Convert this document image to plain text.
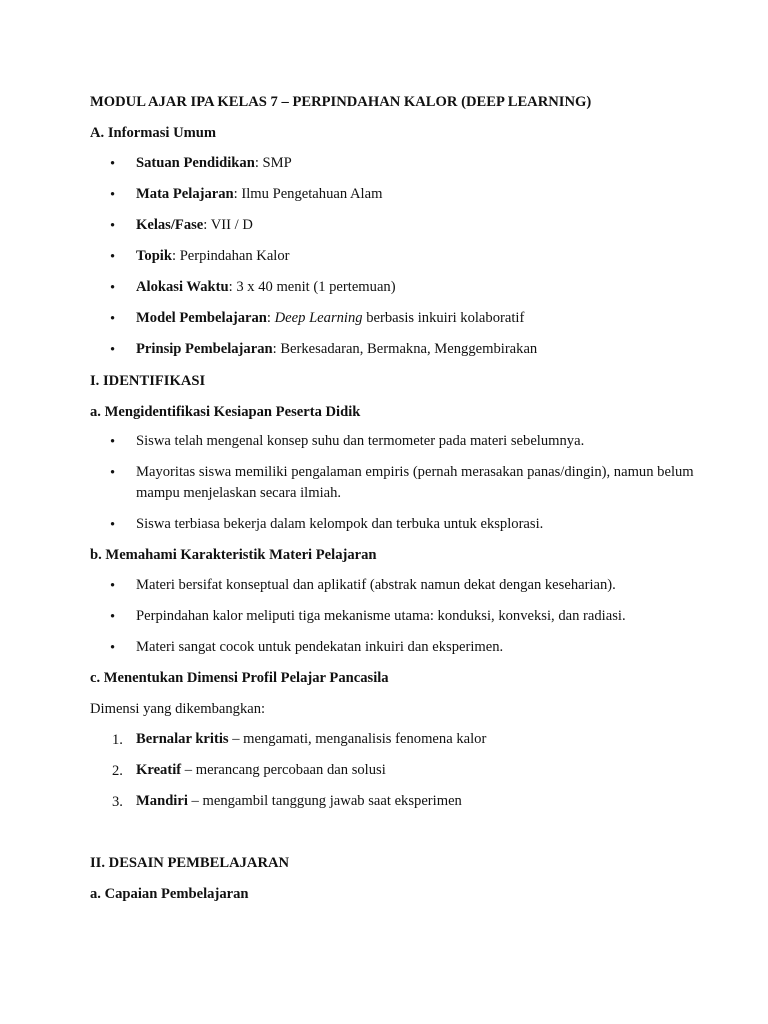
MODUL AJAR IPA KELAS 7 – PERPINDAHAN KALOR (DEEP LEARNING)
A. Informasi Umum
• Satuan Pendidikan: SMP
• Mata Pelajaran: Ilmu Pengetahuan Alam
• Kelas/Fase: VII / D
• Topik: Perpindahan Kalor
• Alokasi Waktu: 3 x 40 menit (1 pertemuan)
• Model Pembelajaran: Deep Learning berbasis inkuiri kolaboratif
• Prinsip Pembelajaran: Berkesadaran, Bermakna, Menggembirakan
I. IDENTIFIKASI
a. Mengidentifikasi Kesiapan Peserta Didik
• Siswa telah mengenal konsep suhu dan termometer pada materi sebelumnya.
• Mayoritas siswa memiliki pengalaman empiris (pernah merasakan panas/dingin), namun belum mampu menjelaskan secara ilmiah.
• Siswa terbiasa bekerja dalam kelompok dan terbuka untuk eksplorasi.
b. Memahami Karakteristik Materi Pelajaran
• Materi bersifat konseptual dan aplikatif (abstrak namun dekat dengan keseharian).
• Perpindahan kalor meliputi tiga mekanisme utama: konduksi, konveksi, dan radiasi.
• Materi sangat cocok untuk pendekatan inkuiri dan eksperimen.
c. Menentukan Dimensi Profil Pelajar Pancasila
Dimensi yang dikembangkan:
1. Bernalar kritis – mengamati, menganalisis fenomena kalor
2. Kreatif – merancang percobaan dan solusi
3. Mandiri – mengambil tanggung jawab saat eksperimen
II. DESAIN PEMBELAJARAN
a. Capaian Pembelajaran
